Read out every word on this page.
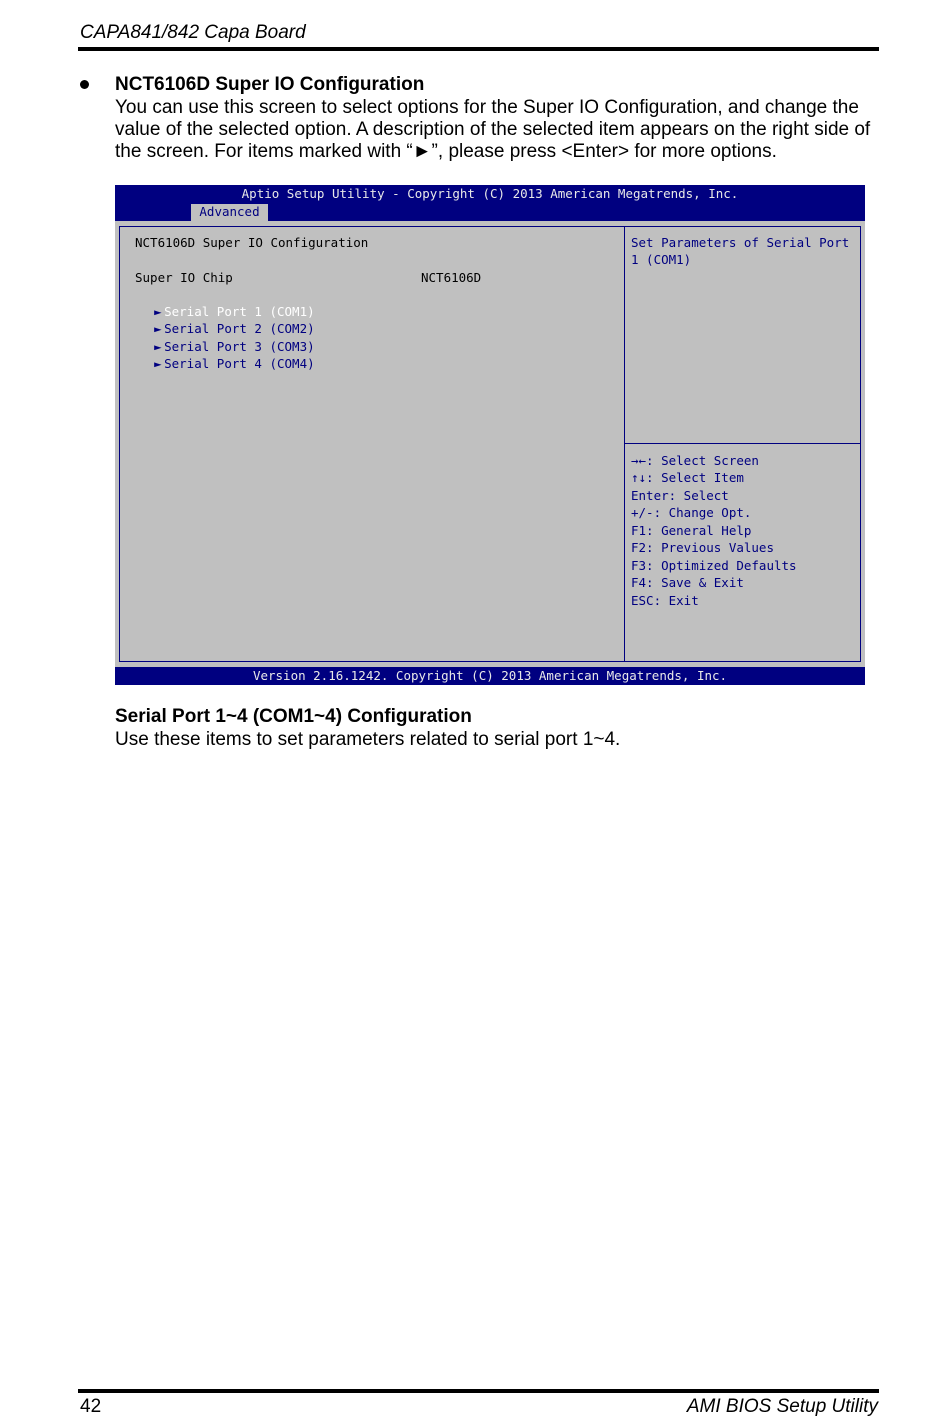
CAPA841/842 Capa Board
NCT6106D Super IO Configuration
You can use this screen to select options for the Super IO Configuration, and change the value of the selected option. A description of the selected item appears on the right side of the screen. For items marked with “►”, please press <Enter> for more options.
Aptio Setup Utility - Copyright (C) 2013 American Megatrends, Inc.
Advanced
NCT6106D Super IO Configuration
Super IO Chip	NCT6106D

► Serial Port 1 (COM1)

► Serial Port 2 (COM2)

► Serial Port 3 (COM3)

► Serial Port 4 (COM4)

Set Parameters of Serial Port
1 (COM1)
→←: Select Screen
↑↓: Select Item
Enter: Select
+/-: Change Opt.
F1: General Help
F2: Previous Values
F3: Optimized Defaults
F4: Save & Exit
ESC: Exit
Version 2.16.1242. Copyright (C) 2013 American Megatrends, Inc.
Serial Port 1~4 (COM1~4) Configuration
Use these items to set parameters related to serial port 1~4.
42	AMI BIOS Setup Utility
